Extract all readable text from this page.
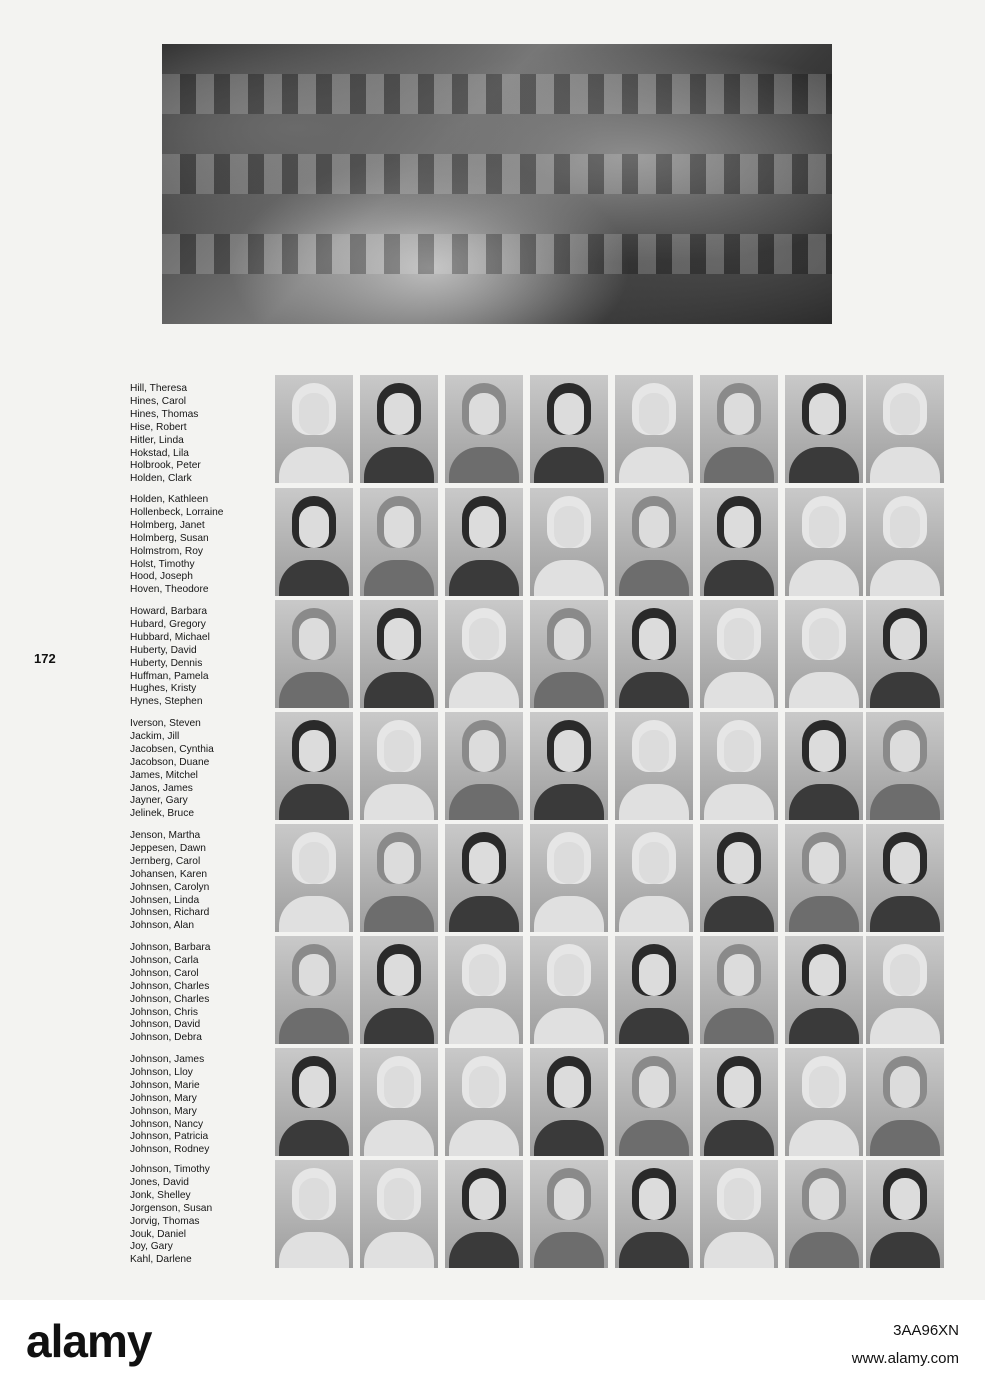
172
Hill, Theresa
Hines, Carol
Hines, Thomas
Hise, Robert
Hitler, Linda
Hokstad, Lila
Holbrook, Peter
Holden, Clark
Holden, Kathleen
Hollenbeck, Lorraine
Holmberg, Janet
Holmberg, Susan
Holmstrom, Roy
Holst, Timothy
Hood, Joseph
Hoven, Theodore
Howard, Barbara
Hubard, Gregory
Hubbard, Michael
Huberty, David
Huberty, Dennis
Huffman, Pamela
Hughes, Kristy
Hynes, Stephen
Iverson, Steven
Jackim, Jill
Jacobsen, Cynthia
Jacobson, Duane
James, Mitchel
Janos, James
Jayner, Gary
Jelinek, Bruce
Jenson, Martha
Jeppesen, Dawn
Jernberg, Carol
Johansen, Karen
Johnsen, Carolyn
Johnsen, Linda
Johnsen, Richard
Johnson, Alan
Johnson, Barbara
Johnson, Carla
Johnson, Carol
Johnson, Charles
Johnson, Charles
Johnson, Chris
Johnson, David
Johnson, Debra
Johnson, James
Johnson, Lloy
Johnson, Marie
Johnson, Mary
Johnson, Mary
Johnson, Nancy
Johnson, Patricia
Johnson, Rodney
Johnson, Timothy
Jones, David
Jonk, Shelley
Jorgenson, Susan
Jorvig, Thomas
Jouk, Daniel
Joy, Gary
Kahl, Darlene
alamy	3AA96XN
www.alamy.com
